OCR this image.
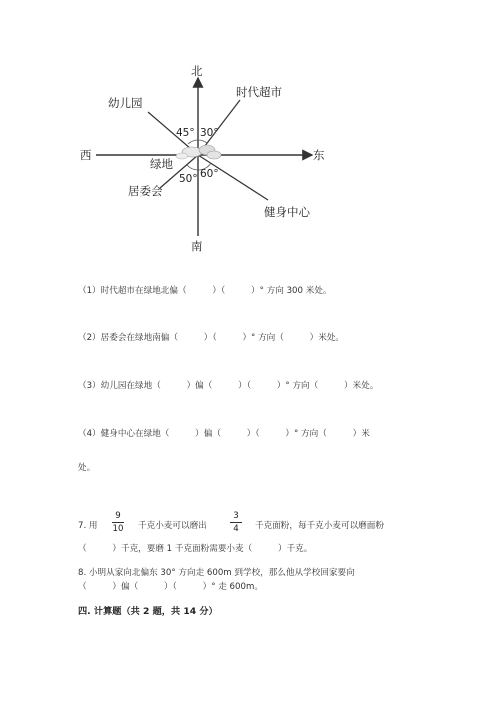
北
南
西	东
绿地
时代超市
幼儿园
居委会
健身中心
45° 30°
50° 60°
（1）时代超市在绿地北偏（　　　）（　　　）° 方向 300 米处。
（2）居委会在绿地南偏（　　　）（　　　）° 方向（　　　）米处。
（3）幼儿园在绿地（　　　）偏（　　　）（　　　）° 方向（　　　）米处。
（4）健身中心在绿地（　　　）偏（　　　）（　　　）° 方向（　　　）米
处。
7. 用
9
10 千克小麦可以磨出
3
4	千克面粉，每千克小麦可以磨面粉
（　　　）千克，要磨 1 千克面粉需要小麦（　　　）千克。
8. 小明从家向北偏东 30° 方向走 600m 到学校，那么他从学校回家要向
（　　　）偏（　　　）（　　　）° 走 600m。
四. 计算题（共 2 题，共 14 分）
